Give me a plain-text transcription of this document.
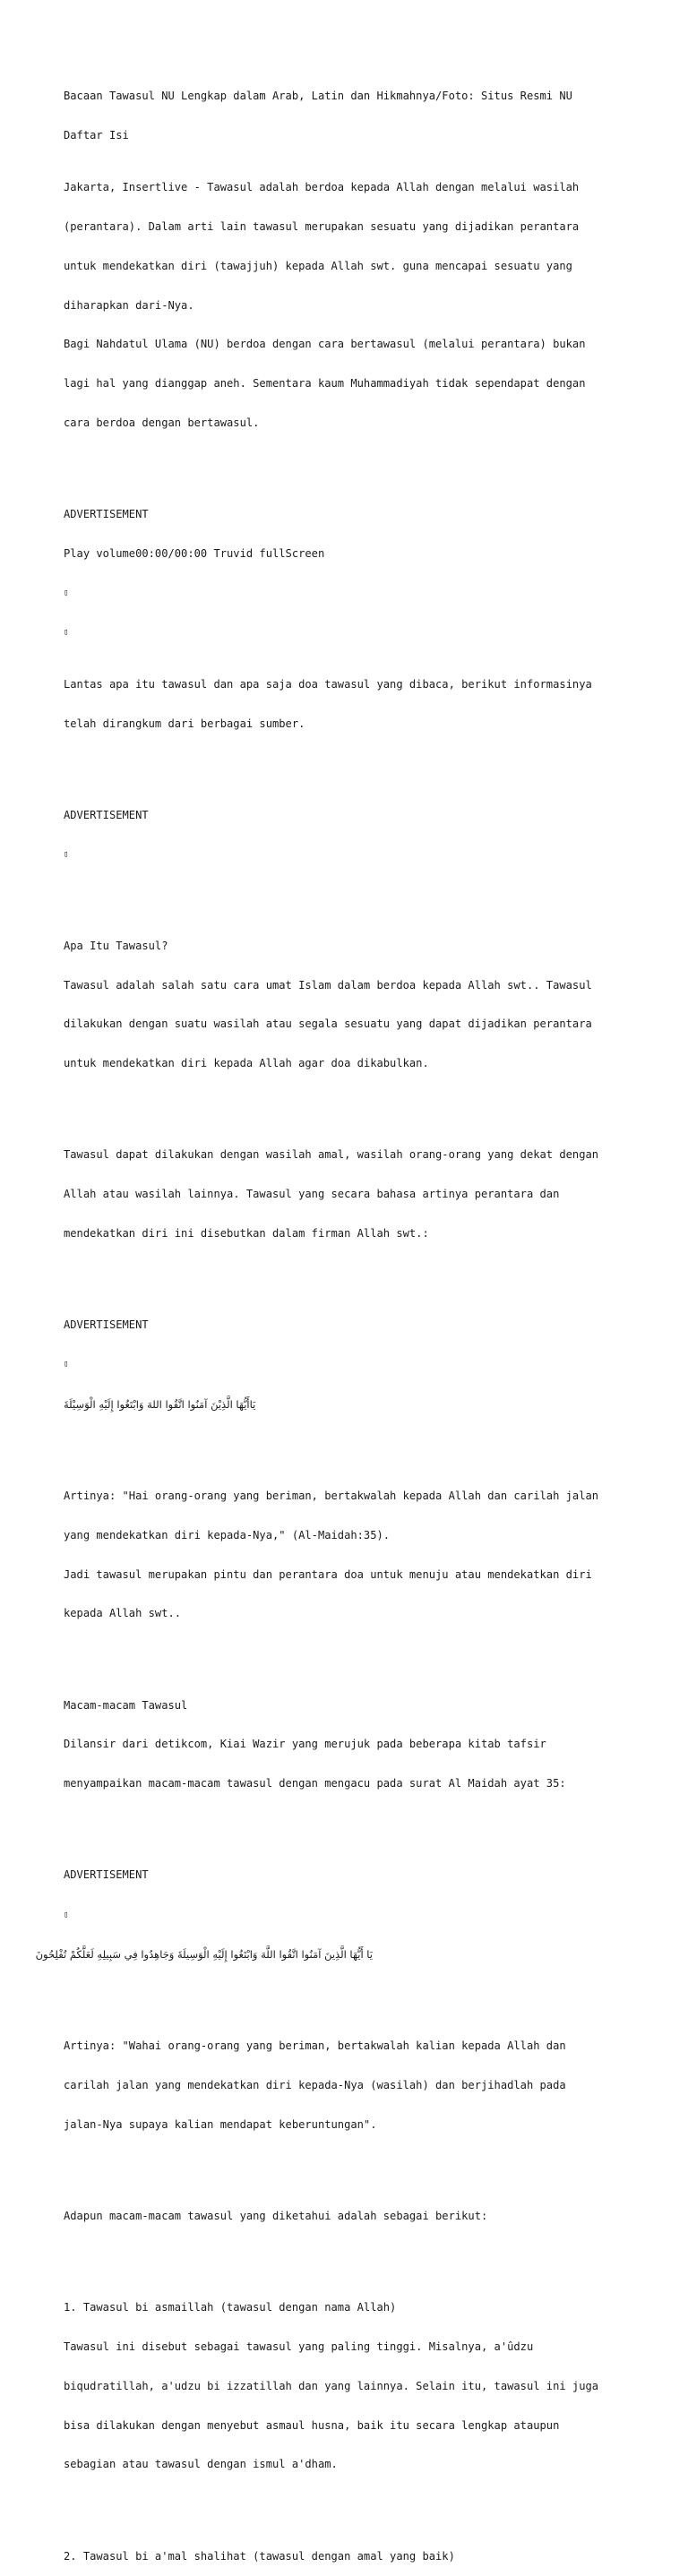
Bacaan Tawasul NU Lengkap dalam Arab, Latin dan Hikmahnya/Foto: Situs Resmi NU

Daftar Isi

Jakarta, Insertlive - Tawasul adalah berdoa kepada Allah dengan melalui wasilah

(perantara). Dalam arti lain tawasul merupakan sesuatu yang dijadikan perantara

untuk mendekatkan diri (tawajjuh) kepada Allah swt. guna mencapai sesuatu yang

diharapkan dari-Nya.

Bagi Nahdatul Ulama (NU) berdoa dengan cara bertawasul (melalui perantara) bukan

lagi hal yang dianggap aneh. Sementara kaum Muhammadiyah tidak sependapat dengan

cara berdoa dengan bertawasul.

ADVERTISEMENT

Play volume00:00/00:00 Truvid fullScreen

▯

▯

Lantas apa itu tawasul dan apa saja doa tawasul yang dibaca, berikut informasinya

telah dirangkum dari berbagai sumber.

ADVERTISEMENT

▯

Apa Itu Tawasul?

Tawasul adalah salah satu cara umat Islam dalam berdoa kepada Allah swt.. Tawasul

dilakukan dengan suatu wasilah atau segala sesuatu yang dapat dijadikan perantara

untuk mendekatkan diri kepada Allah agar doa dikabulkan.

Tawasul dapat dilakukan dengan wasilah amal, wasilah orang-orang yang dekat dengan

Allah atau wasilah lainnya. Tawasul yang secara bahasa artinya perantara dan

mendekatkan diri ini disebutkan dalam firman Allah swt.:

ADVERTISEMENT

▯

يَاأَيُّهَا الَّذِيْنَ آمَنُوا اتَّقُوا اللهَ وَابْتَغُوا إِلَيْهِ الْوَسِيْلَةَ

Artinya: "Hai orang-orang yang beriman, bertakwalah kepada Allah dan carilah jalan

yang mendekatkan diri kepada-Nya," (Al-Maidah:35).

Jadi tawasul merupakan pintu dan perantara doa untuk menuju atau mendekatkan diri

kepada Allah swt..

Macam-macam Tawasul

Dilansir dari detikcom, Kiai Wazir yang merujuk pada beberapa kitab tafsir

menyampaikan macam-macam tawasul dengan mengacu pada surat Al Maidah ayat 35:

ADVERTISEMENT

▯

يَا أَيُّهَا الَّذِينَ آمَنُوا اتَّقُوا اللَّهَ وَابْتَغُوا إِلَيْهِ الْوَسِيلَةَ وَجَاهِدُوا فِي سَبِيلِهِ لَعَلَّكُمْ تُفْلِحُونَ

Artinya: "Wahai orang-orang yang beriman, bertakwalah kalian kepada Allah dan

carilah jalan yang mendekatkan diri kepada-Nya (wasilah) dan berjihadlah pada

jalan-Nya supaya kalian mendapat keberuntungan".

Adapun macam-macam tawasul yang diketahui adalah sebagai berikut:

1. Tawasul bi asmaillah (tawasul dengan nama Allah)

Tawasul ini disebut sebagai tawasul yang paling tinggi. Misalnya, a'ûdzu

biqudratillah, a'udzu bi izzatillah dan yang lainnya. Selain itu, tawasul ini juga

bisa dilakukan dengan menyebut asmaul husna, baik itu secara lengkap ataupun

sebagian atau tawasul dengan ismul a'dham.

2. Tawasul bi a'mal shalihat (tawasul dengan amal yang baik)
